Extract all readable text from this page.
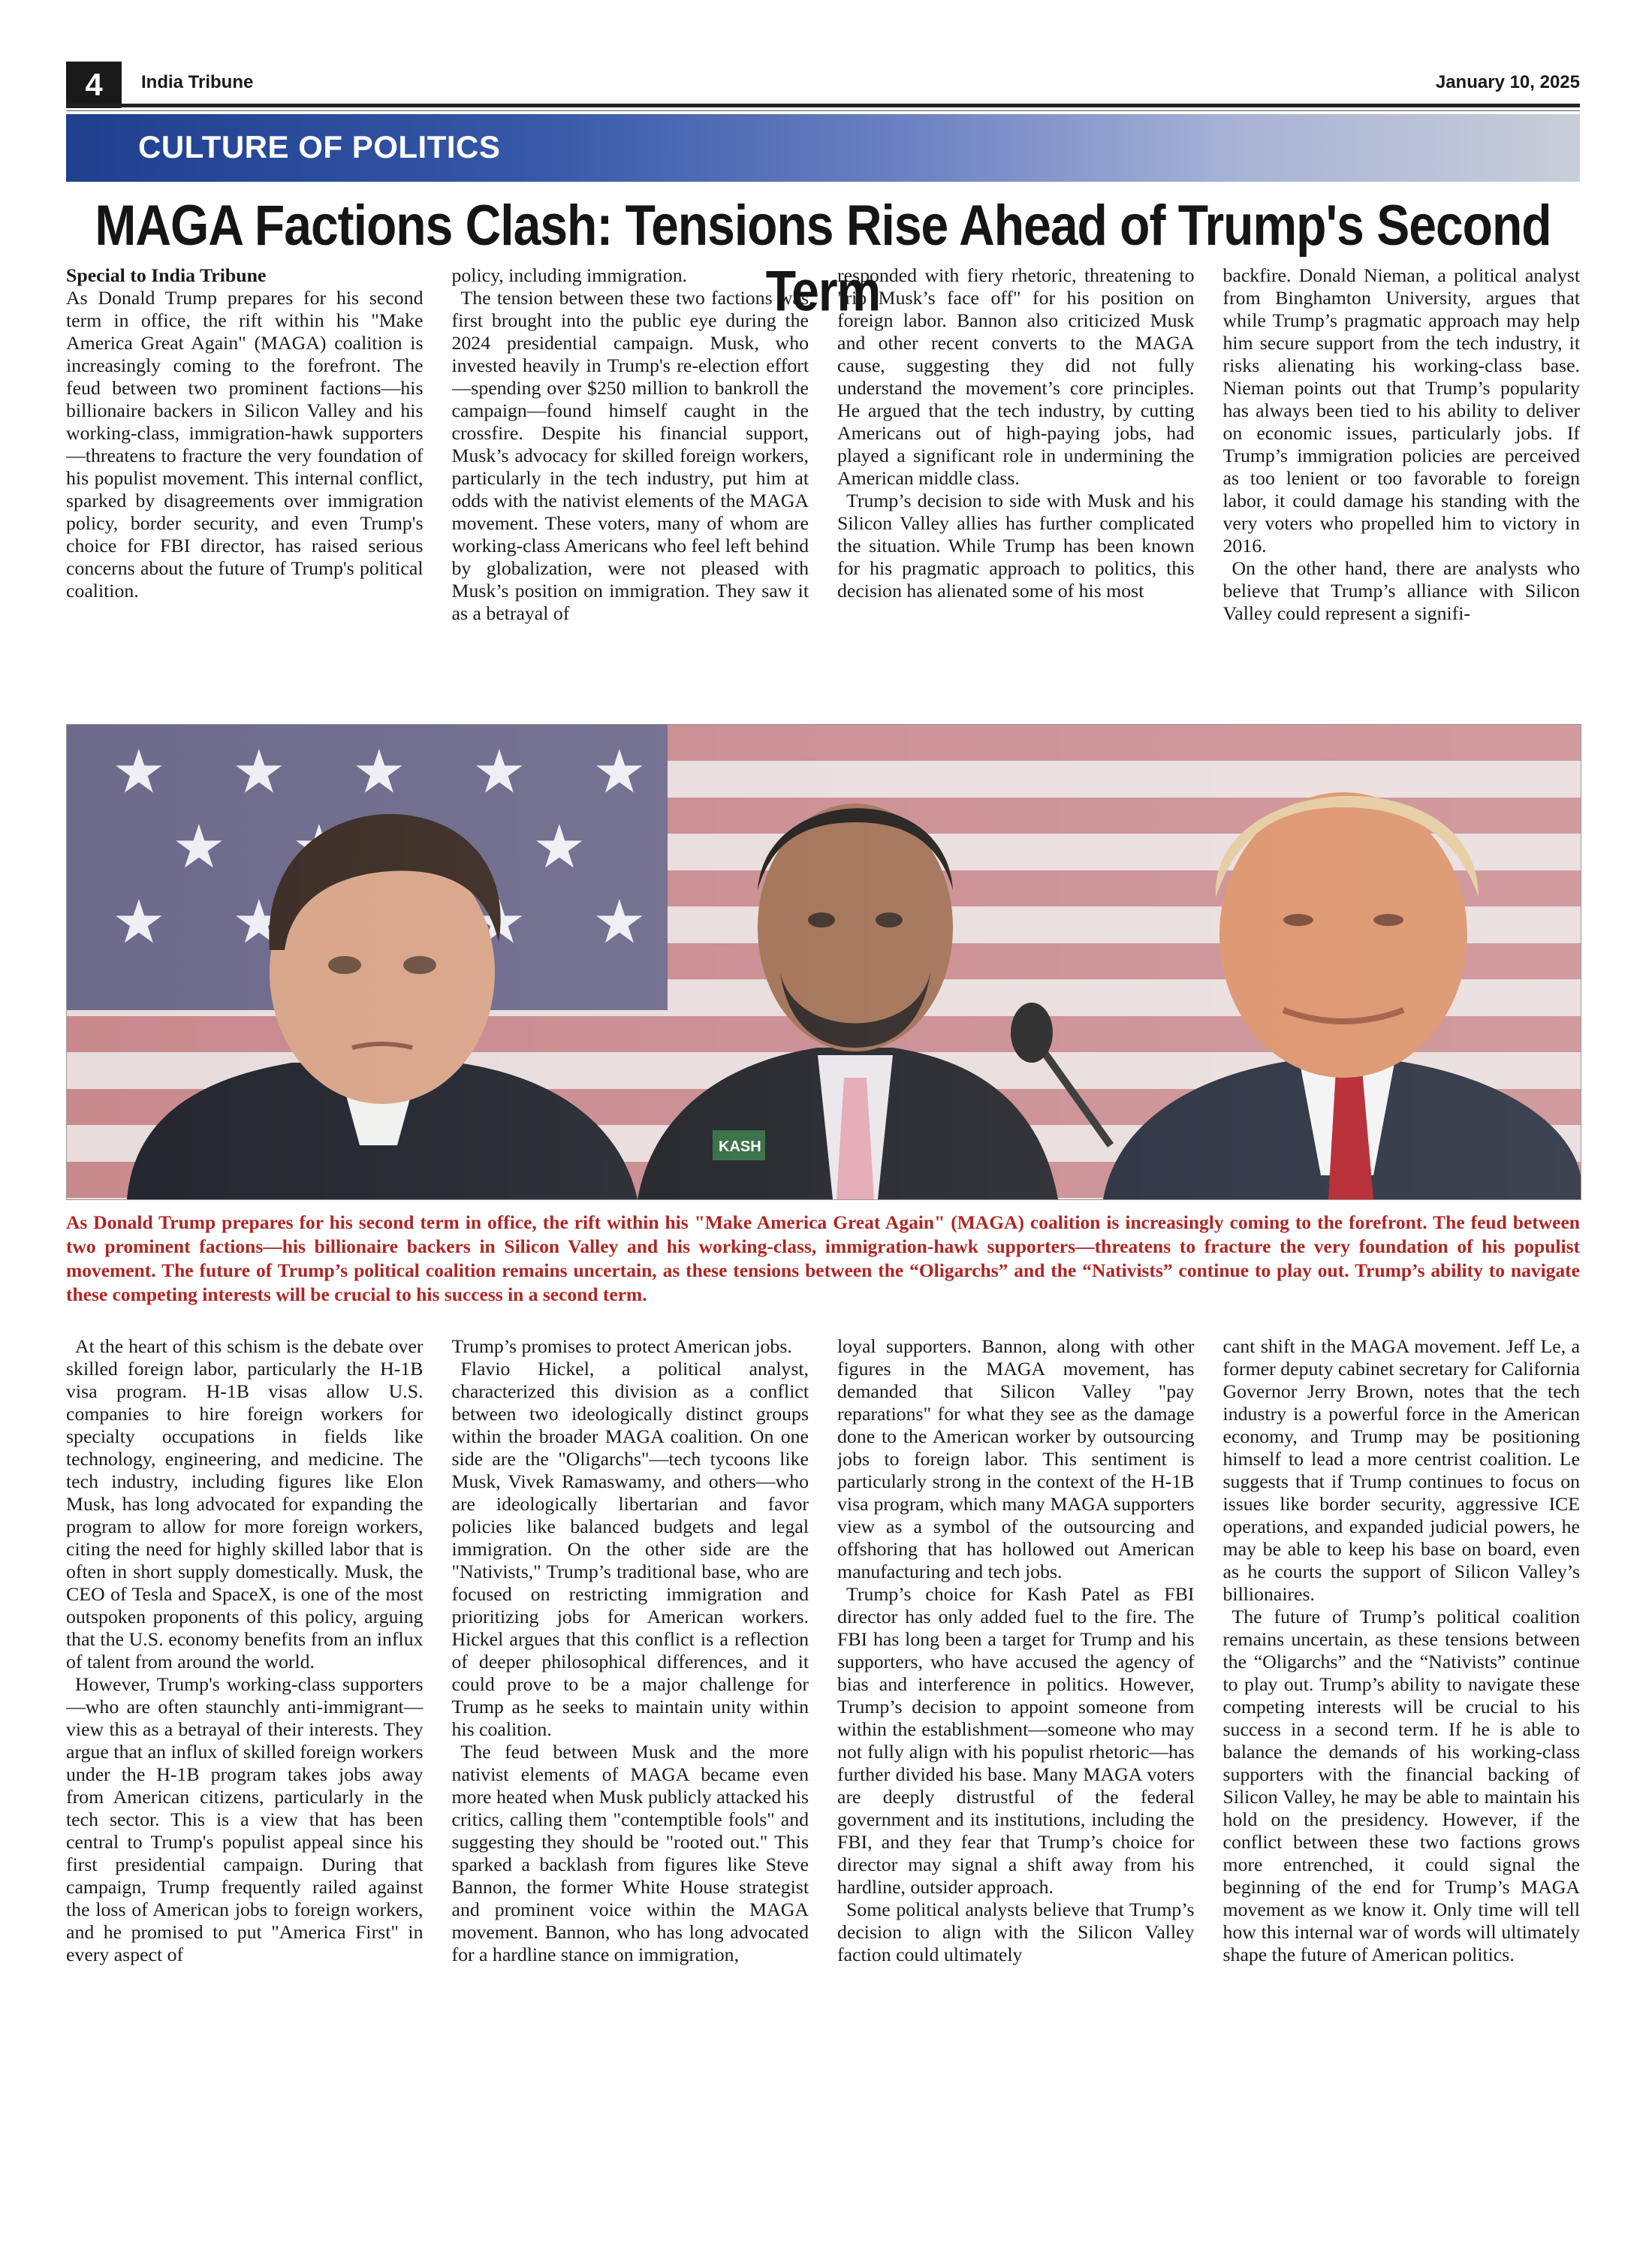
4	India Tribune	January 10, 2025
CULTURE OF POLITICS
MAGA Factions Clash: Tensions Rise Ahead of Trump's Second Term

Special to India Tribune

As Donald Trump prepares for his second term in office, the rift within his "Make America Great Again" (MAGA) coalition is increasingly coming to the forefront. The feud between two prominent factions—his billionaire backers in Silicon Valley and his working-class, immigration-hawk supporters—threatens to fracture the very foundation of his populist movement. This internal conflict, sparked by disagreements over immigration policy, border security, and even Trump's choice for FBI director, has raised serious concerns about the future of Trump's political coalition.

policy, including immigration.

The tension between these two factions was first brought into the public eye during the 2024 presidential campaign. Musk, who invested heavily in Trump's re-election effort—spending over $250 million to bankroll the campaign—found himself caught in the crossfire. Despite his financial support, Musk’s advocacy for skilled foreign workers, particularly in the tech industry, put him at odds with the nativist elements of the MAGA movement. These voters, many of whom are working-class Americans who feel left behind by globalization, were not pleased with Musk’s position on immigration. They saw it as a betrayal of

responded with fiery rhetoric, threatening to "rip Musk’s face off" for his position on foreign labor. Bannon also criticized Musk and other recent converts to the MAGA cause, suggesting they did not fully understand the movement’s core principles. He argued that the tech industry, by cutting Americans out of high-paying jobs, had played a significant role in undermining the American middle class.

Trump’s decision to side with Musk and his Silicon Valley allies has further complicated the situation. While Trump has been known for his pragmatic approach to politics, this decision has alienated some of his most

backfire. Donald Nieman, a political analyst from Binghamton University, argues that while Trump’s pragmatic approach may help him secure support from the tech industry, it risks alienating his working-class base. Nieman points out that Trump’s popularity has always been tied to his ability to deliver on economic issues, particularly jobs. If Trump’s immigration policies are perceived as too lenient or too favorable to foreign labor, it could damage his standing with the very voters who propelled him to victory in 2016.

On the other hand, there are analysts who believe that Trump’s alliance with Silicon Valley could represent a signifi-

As Donald Trump prepares for his second term in office, the rift within his "Make America Great Again" (MAGA) coalition is increasingly coming to the forefront. The feud between two prominent factions—his billionaire backers in Silicon Valley and his working-class, immigration-hawk supporters—threatens to fracture the very foundation of his populist movement. The future of Trump’s political coalition remains uncertain, as these tensions between the “Oligarchs” and the “Nativists” continue to play out. Trump’s ability to navigate these competing interests will be crucial to his success in a second term.

At the heart of this schism is the debate over skilled foreign labor, particularly the H-1B visa program. H-1B visas allow U.S. companies to hire foreign workers for specialty occupations in fields like technology, engineering, and medicine. The tech industry, including figures like Elon Musk, has long advocated for expanding the program to allow for more foreign workers, citing the need for highly skilled labor that is often in short supply domestically. Musk, the CEO of Tesla and SpaceX, is one of the most outspoken proponents of this policy, arguing that the U.S. economy benefits from an influx of talent from around the world.

However, Trump's working-class supporters—who are often staunchly anti-immigrant—view this as a betrayal of their interests. They argue that an influx of skilled foreign workers under the H-1B program takes jobs away from American citizens, particularly in the tech sector. This is a view that has been central to Trump's populist appeal since his first presidential campaign. During that campaign, Trump frequently railed against the loss of American jobs to foreign workers, and he promised to put "America First" in every aspect of

Trump’s promises to protect American jobs.

Flavio Hickel, a political analyst, characterized this division as a conflict between two ideologically distinct groups within the broader MAGA coalition. On one side are the "Oligarchs"—tech tycoons like Musk, Vivek Ramaswamy, and others—who are ideologically libertarian and favor policies like balanced budgets and legal immigration. On the other side are the "Nativists," Trump’s traditional base, who are focused on restricting immigration and prioritizing jobs for American workers. Hickel argues that this conflict is a reflection of deeper philosophical differences, and it could prove to be a major challenge for Trump as he seeks to maintain unity within his coalition.

The feud between Musk and the more nativist elements of MAGA became even more heated when Musk publicly attacked his critics, calling them "contemptible fools" and suggesting they should be "rooted out." This sparked a backlash from figures like Steve Bannon, the former White House strategist and prominent voice within the MAGA movement. Bannon, who has long advocated for a hardline stance on immigration,

loyal supporters. Bannon, along with other figures in the MAGA movement, has demanded that Silicon Valley "pay reparations" for what they see as the damage done to the American worker by outsourcing jobs to foreign labor. This sentiment is particularly strong in the context of the H-1B visa program, which many MAGA supporters view as a symbol of the outsourcing and offshoring that has hollowed out American manufacturing and tech jobs.

Trump’s choice for Kash Patel as FBI director has only added fuel to the fire. The FBI has long been a target for Trump and his supporters, who have accused the agency of bias and interference in politics. However, Trump’s decision to appoint someone from within the establishment—someone who may not fully align with his populist rhetoric—has further divided his base. Many MAGA voters are deeply distrustful of the federal government and its institutions, including the FBI, and they fear that Trump’s choice for director may signal a shift away from his hardline, outsider approach.

Some political analysts believe that Trump’s decision to align with the Silicon Valley faction could ultimately

cant shift in the MAGA movement. Jeff Le, a former deputy cabinet secretary for California Governor Jerry Brown, notes that the tech industry is a powerful force in the American economy, and Trump may be positioning himself to lead a more centrist coalition. Le suggests that if Trump continues to focus on issues like border security, aggressive ICE operations, and expanded judicial powers, he may be able to keep his base on board, even as he courts the support of Silicon Valley’s billionaires.

The future of Trump’s political coalition remains uncertain, as these tensions between the “Oligarchs” and the “Nativists” continue to play out. Trump’s ability to navigate these competing interests will be crucial to his success in a second term. If he is able to balance the demands of his working-class supporters with the financial backing of Silicon Valley, he may be able to maintain his hold on the presidency. However, if the conflict between these two factions grows more entrenched, it could signal the beginning of the end for Trump’s MAGA movement as we know it. Only time will tell how this internal war of words will ultimately shape the future of American politics.
